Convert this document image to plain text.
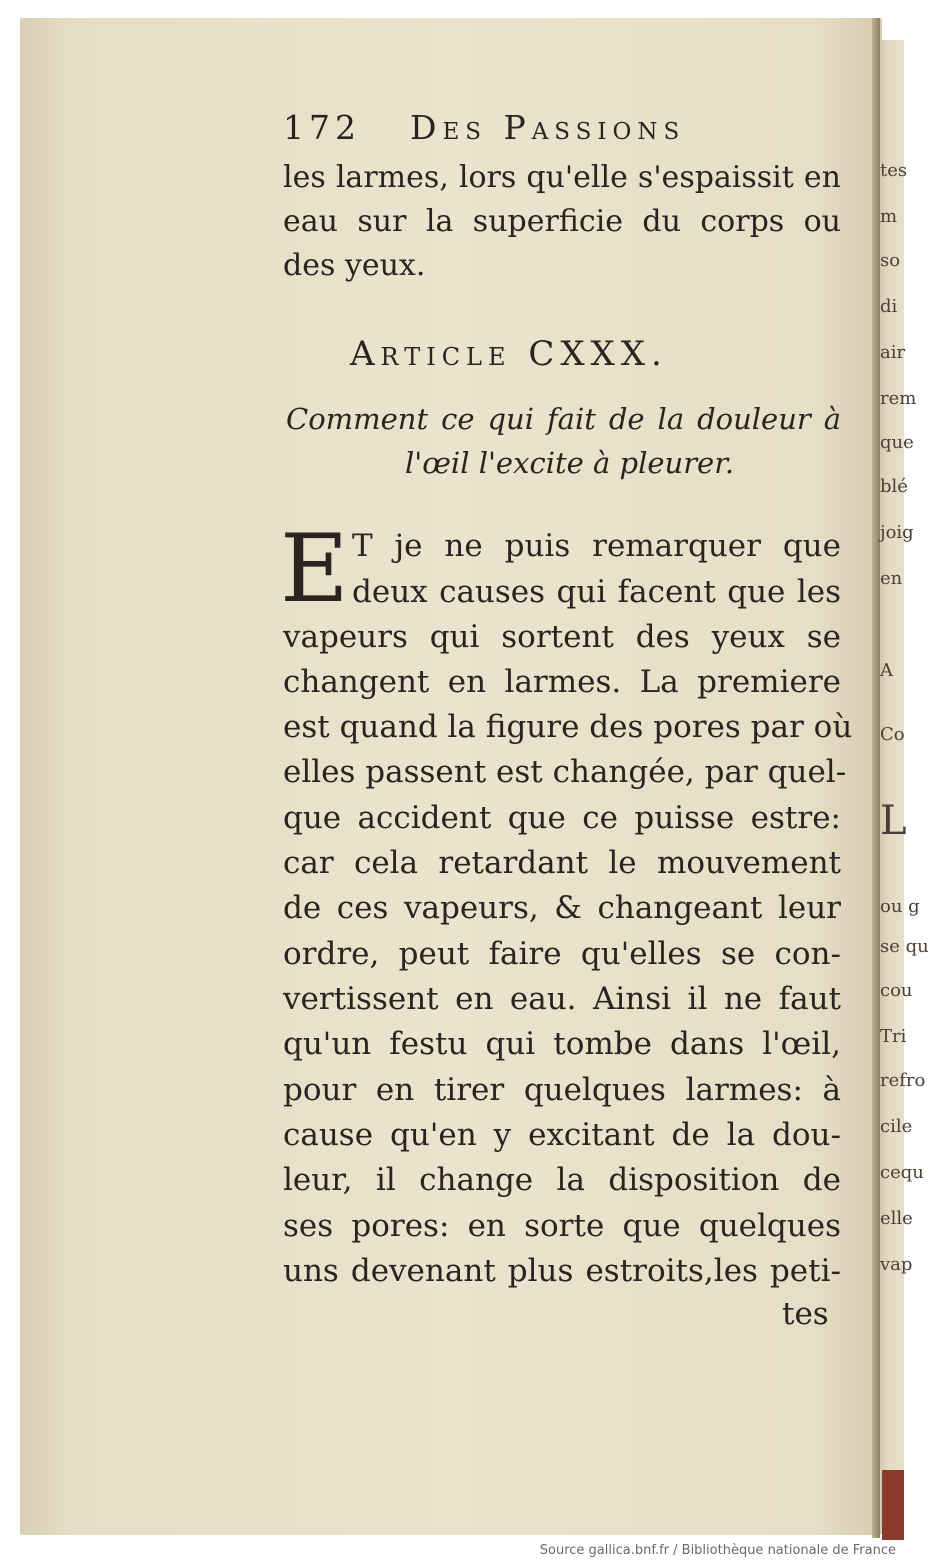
172 Des Passions
les larmes, lors qu'elle s'espaissit en
eau sur la superficie du corps ou
des yeux.
Article CXXX.
Comment ce qui fait de la douleur à
l'œil l'excite à pleurer.
E T je ne puis remarquer que
deux causes qui facent que les
vapeurs qui sortent des yeux se
changent en larmes. La premiere
est quand la figure des pores par où
elles passent est changée, par quel-
que accident que ce puisse estre:
car cela retardant le mouvement
de ces vapeurs, & changeant leur
ordre, peut faire qu'elles se con-
vertissent en eau. Ainsi il ne faut
qu'un festu qui tombe dans l'œil,
pour en tirer quelques larmes: à
cause qu'en y excitant de la dou-
leur, il change la disposition de
ses pores: en sorte que quelques
uns devenant plus estroits,les peti-
tes
tes
m
so
di
air
rem
que
blé
joig
en
A
Co
L
ou g
se qu
cou
Tri
refro
cile
cequ
elle
vap
Source gallica.bnf.fr / Bibliothèque nationale de France
